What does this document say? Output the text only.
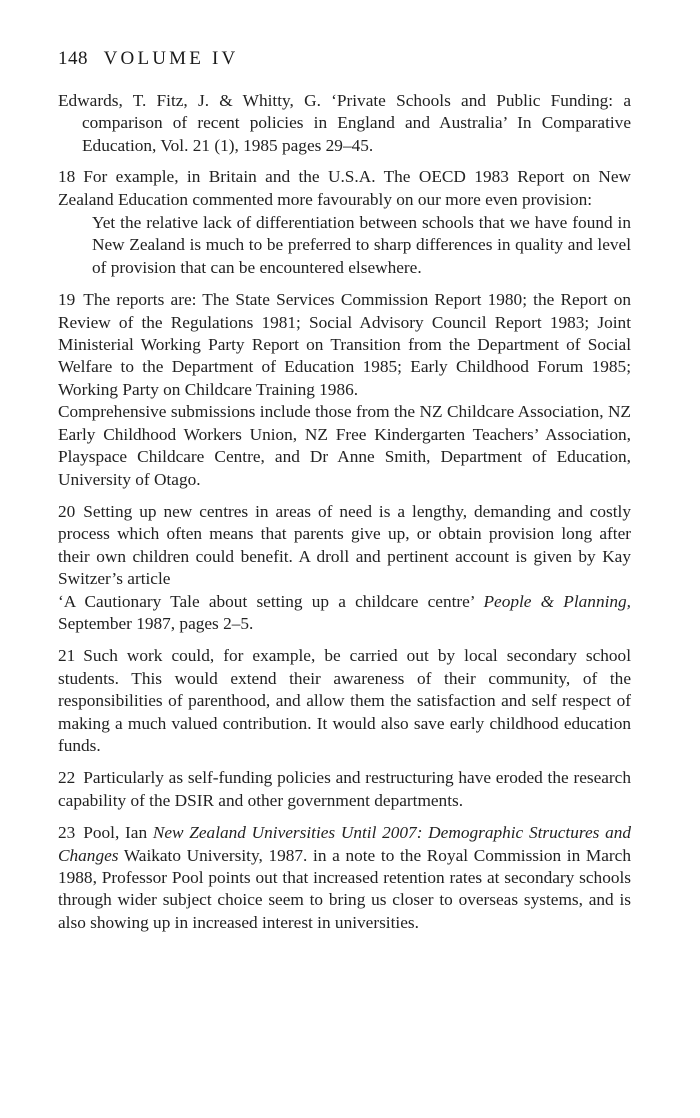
148 VOLUME IV

Edwards, T. Fitz, J. & Whitty, G. ‘Private Schools and Public Funding: a comparison of recent policies in England and Australia’ In Comparative Education, Vol. 21 (1), 1985 pages 29–45.

18 For example, in Britain and the U.S.A. The OECD 1983 Report on New Zealand Education commented more favourably on our more even provision:

Yet the relative lack of differentiation between schools that we have found in New Zealand is much to be preferred to sharp differences in quality and level of provision that can be encountered elsewhere.

19 The reports are: The State Services Commission Report 1980; the Report on Review of the Regulations 1981; Social Advisory Council Report 1983; Joint Ministerial Working Party Report on Transition from the Department of Social Welfare to the Department of Education 1985; Early Childhood Forum 1985; Working Party on Childcare Training 1986.
Comprehensive submissions include those from the NZ Childcare Association, NZ Early Childhood Workers Union, NZ Free Kindergarten Teachers’ Association, Playspace Childcare Centre, and Dr Anne Smith, Department of Education, University of Otago.

20 Setting up new centres in areas of need is a lengthy, demanding and costly process which often means that parents give up, or obtain provision long after their own children could benefit. A droll and pertinent account is given by Kay Switzer’s article
‘A Cautionary Tale about setting up a childcare centre’ People & Planning, September 1987, pages 2–5.

21 Such work could, for example, be carried out by local secondary school students. This would extend their awareness of their community, of the responsibilities of parenthood, and allow them the satisfaction and self respect of making a much valued contribution. It would also save early childhood education funds.

22 Particularly as self-funding policies and restructuring have eroded the research capability of the DSIR and other government departments.

23 Pool, Ian New Zealand Universities Until 2007: Demographic Structures and Changes Waikato University, 1987. in a note to the Royal Commission in March 1988, Professor Pool points out that increased retention rates at secondary schools through wider subject choice seem to bring us closer to overseas systems, and is also showing up in increased interest in universities.
